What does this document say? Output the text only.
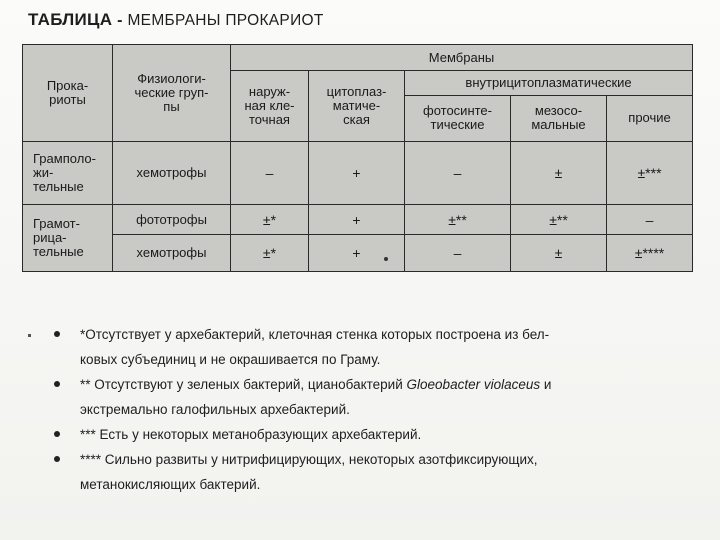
ТАБЛИЦА - МЕМБРАНЫ ПРОКАРИОТ
Прока-
риоты	Физиологи-
ческие груп-
пы	Мембраны				
		наруж-
ная кле-
точная	цитоплаз-
матиче-
ская	внутрицитоплазматические		
				фотосинте-
тические	мезосо-
мальные	прочие
Грамполо-
жи-
тельные	хемотрофы	–	+	–	±	±***
Грамот-
рица-
тельные	фототрофы	±*	+	±**	±**	–
	хемотрофы	±*	+	–	±	±****
*Отсутствует у архебактерий, клеточная стенка которых построена из бел-
ковых субъединиц и не окрашивается по Граму.
** Отсутствуют у зеленых бактерий, цианобактерий Gloeobacter violaceus и
экстремально галофильных архебактерий.
*** Есть у некоторых метанобразующих архебактерий.
**** Сильно развиты у нитрифицирующих, некоторых азотфиксирующих,
метанокисляющих бактерий.
